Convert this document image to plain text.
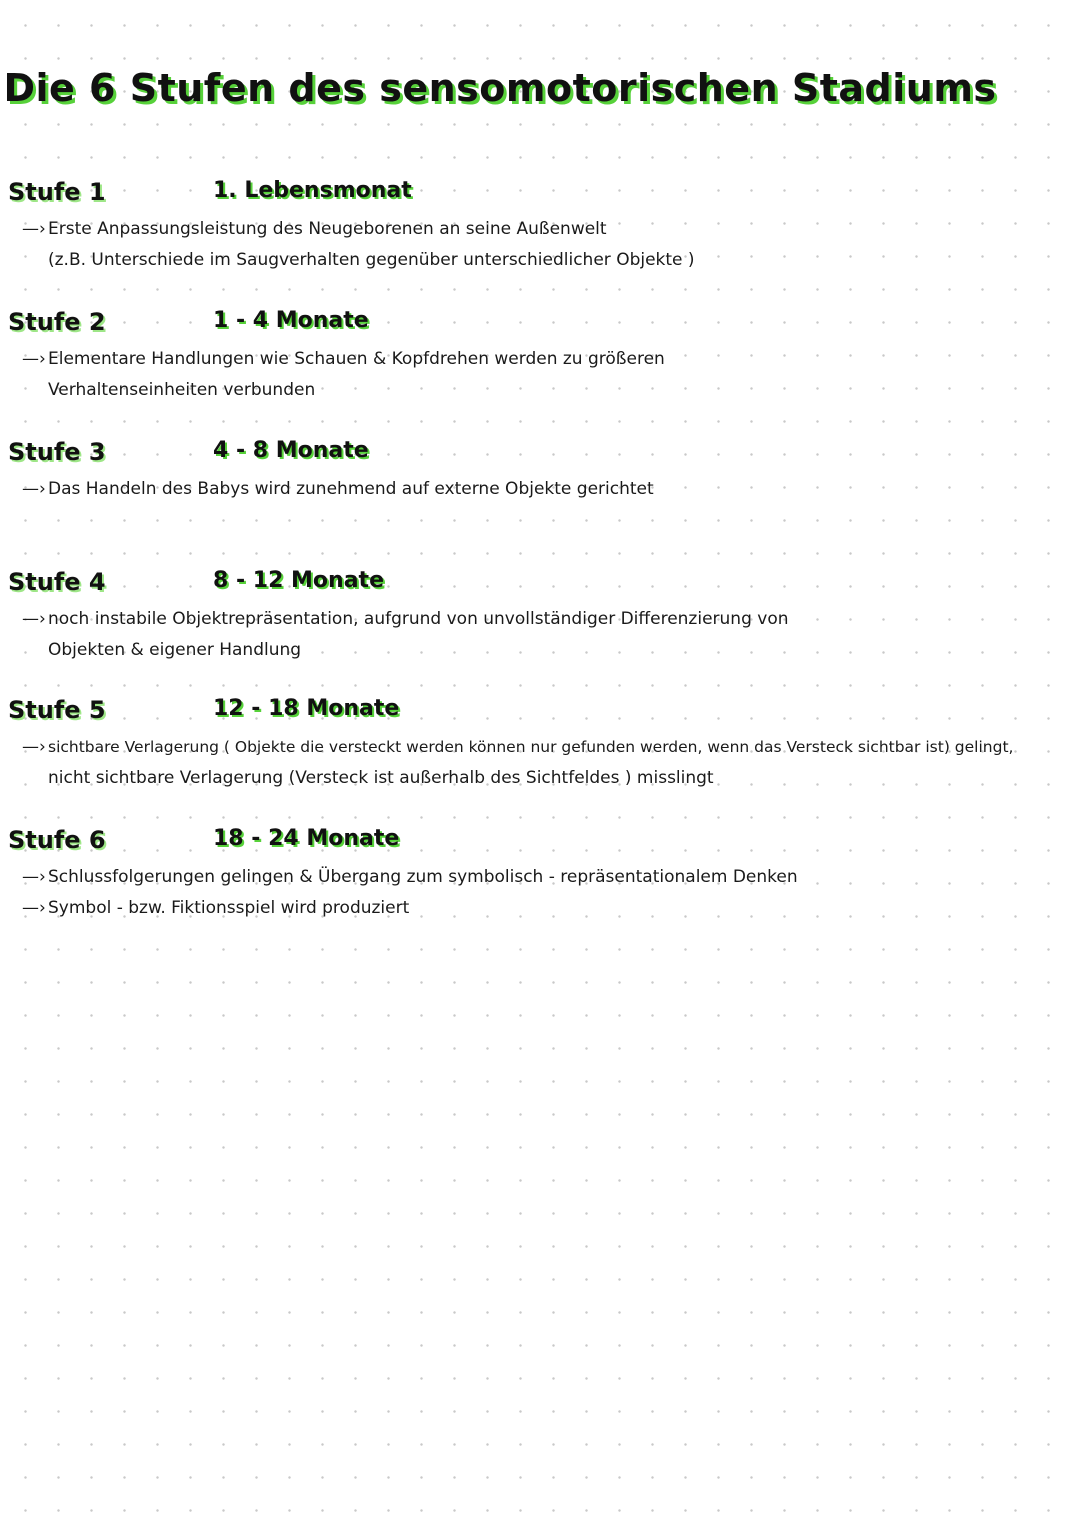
Die 6 Stufen des sensomotorischen Stadiums
Stufe 1	1. Lebensmonat
—› Erste Anpassungsleistung des Neugeborenen an seine Außenwelt
(z.B. Unterschiede im Saugverhalten gegenüber unterschiedlicher Objekte )
Stufe 2	1 - 4 Monate
—› Elementare Handlungen wie Schauen & Kopfdrehen werden zu größeren
Verhaltenseinheiten verbunden
Stufe 3	4 - 8 Monate
—› Das Handeln des Babys wird zunehmend auf externe Objekte gerichtet
Stufe 4	8 - 12 Monate
—› noch instabile Objektrepräsentation, aufgrund von unvollständiger Differenzierung von
Objekten & eigener Handlung
Stufe 5	12 - 18 Monate
—› sichtbare Verlagerung ( Objekte die versteckt werden können nur gefunden werden, wenn das Versteck sichtbar ist) gelingt,
nicht sichtbare Verlagerung (Versteck ist außerhalb des Sichtfeldes ) misslingt
Stufe 6	18 - 24 Monate
—› Schlussfolgerungen gelingen & Übergang zum symbolisch - repräsentationalem Denken
—› Symbol - bzw. Fiktionsspiel wird produziert
